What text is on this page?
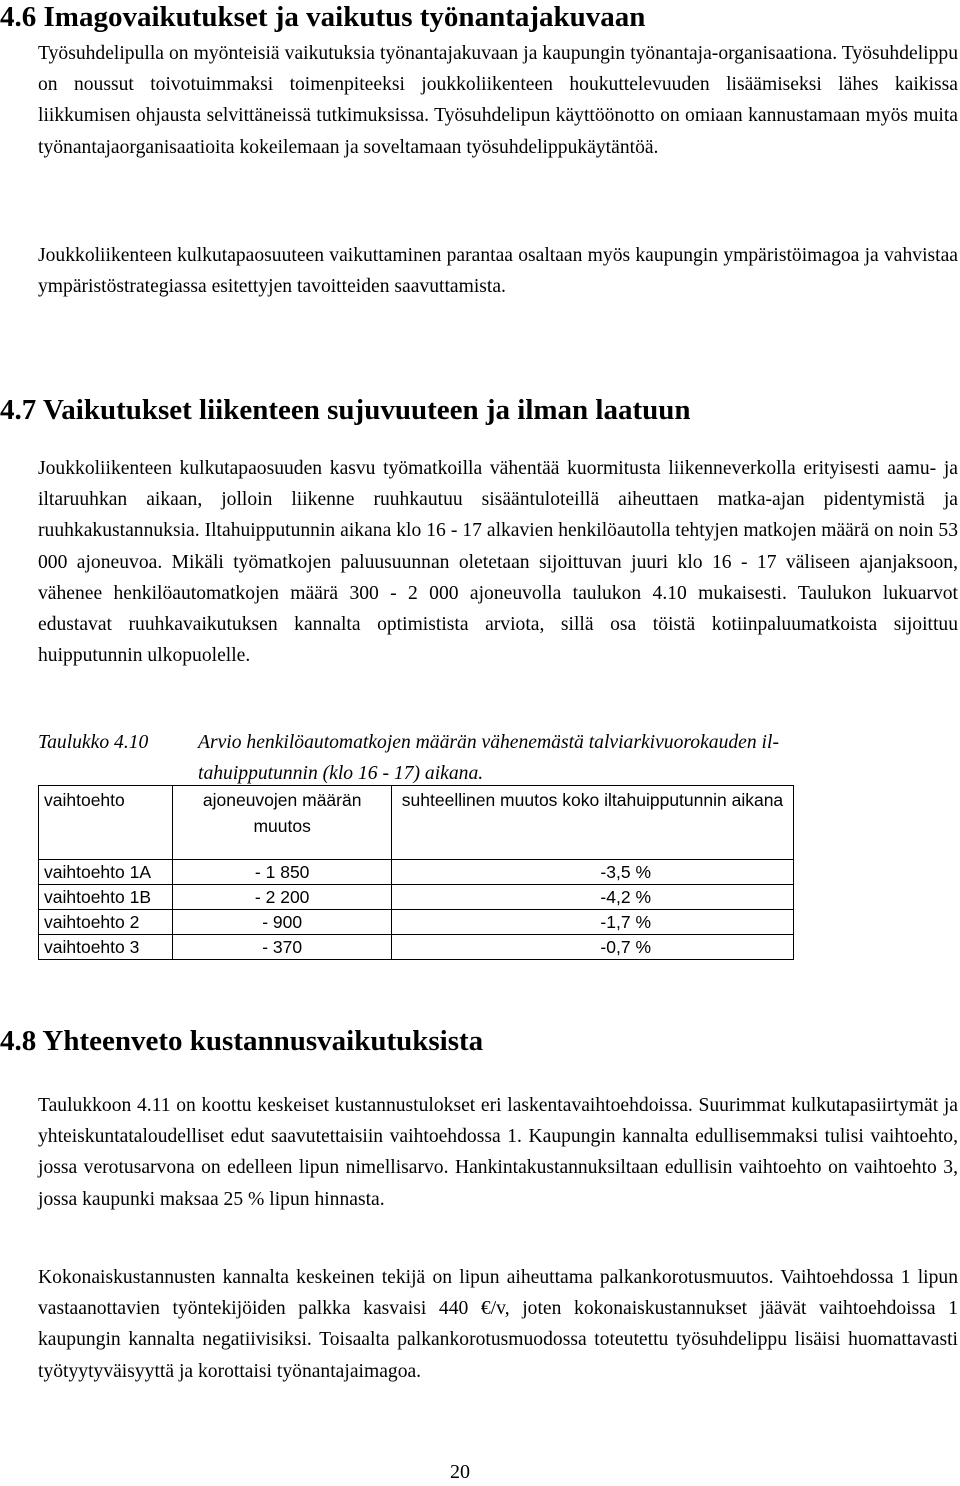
4.6 Imagovaikutukset ja vaikutus työnantajakuvaan

Työsuhdelipulla on myönteisiä vaikutuksia työnantajakuvaan ja kaupungin työnantaja-organisaationa. Työsuhdelippu on noussut toivotuimmaksi toimenpiteeksi joukkoliikenteen houkuttelevuuden lisäämiseksi lähes kaikissa liikkumisen ohjausta selvittäneissä tutkimuksissa. Työsuhdelipun käyttöönotto on omiaan kannustamaan myös muita työnantajaorganisaatioita kokeilemaan ja soveltamaan työsuhdelippukäytäntöä.

Joukkoliikenteen kulkutapaosuuteen vaikuttaminen parantaa osaltaan myös kaupungin ympäristöimagoa ja vahvistaa ympäristöstrategiassa esitettyjen tavoitteiden saavuttamista.

4.7 Vaikutukset liikenteen sujuvuuteen ja ilman laatuun

Joukkoliikenteen kulkutapaosuuden kasvu työmatkoilla vähentää kuormitusta liikenneverkolla erityisesti aamu- ja iltaruuhkan aikaan, jolloin liikenne ruuhkautuu sisääntuloteillä aiheuttaen matka-ajan pidentymistä ja ruuhkakustannuksia. Iltahuipputunnin aikana klo 16 - 17 alkavien henkilöautolla tehtyjen matkojen määrä on noin 53 000 ajoneuvoa. Mikäli työmatkojen paluusuunnan oletetaan sijoittuvan juuri klo 16 - 17 väliseen ajanjaksoon, vähenee henkilöautomatkojen määrä 300 - 2 000 ajoneuvolla taulukon 4.10 mukaisesti. Taulukon lukuarvot edustavat ruuhkavaikutuksen kannalta optimistista arviota, sillä osa töistä kotiinpaluumatkoista sijoittuu huipputunnin ulkopuolelle.

Taulukko 4.10	Arvio henkilöautomatkojen määrän vähenemästä talviarkivuorokauden il-
tahuipputunnin (klo 16 - 17) aikana.
vaihtoehto	ajoneuvojen määrän muutos	suhteellinen muutos koko iltahuipputunnin aikana
vaihtoehto 1A	- 1 850	-3,5 %
vaihtoehto 1B	- 2 200	-4,2 %
vaihtoehto 2	- 900	-1,7 %
vaihtoehto 3	- 370	-0,7 %
4.8 Yhteenveto kustannusvaikutuksista

Taulukkoon 4.11 on koottu keskeiset kustannustulokset eri laskentavaihtoehdoissa. Suurimmat kulkutapasiirtymät ja yhteiskuntataloudelliset edut saavutettaisiin vaihtoehdossa 1. Kaupungin kannalta edullisemmaksi tulisi vaihtoehto, jossa verotusarvona on edelleen lipun nimellisarvo. Hankintakustannuksiltaan edullisin vaihtoehto on vaihtoehto 3, jossa kaupunki maksaa 25 % lipun hinnasta.

Kokonaiskustannusten kannalta keskeinen tekijä on lipun aiheuttama palkankorotusmuutos. Vaihtoehdossa 1 lipun vastaanottavien työntekijöiden palkka kasvaisi 440 €/v, joten kokonaiskustannukset jäävät vaihtoehdoissa 1 kaupungin kannalta negatiivisiksi. Toisaalta palkankorotusmuodossa toteutettu työsuhdelippu lisäisi huomattavasti työtyytyväisyyttä ja korottaisi työnantajaimagoa.

20
